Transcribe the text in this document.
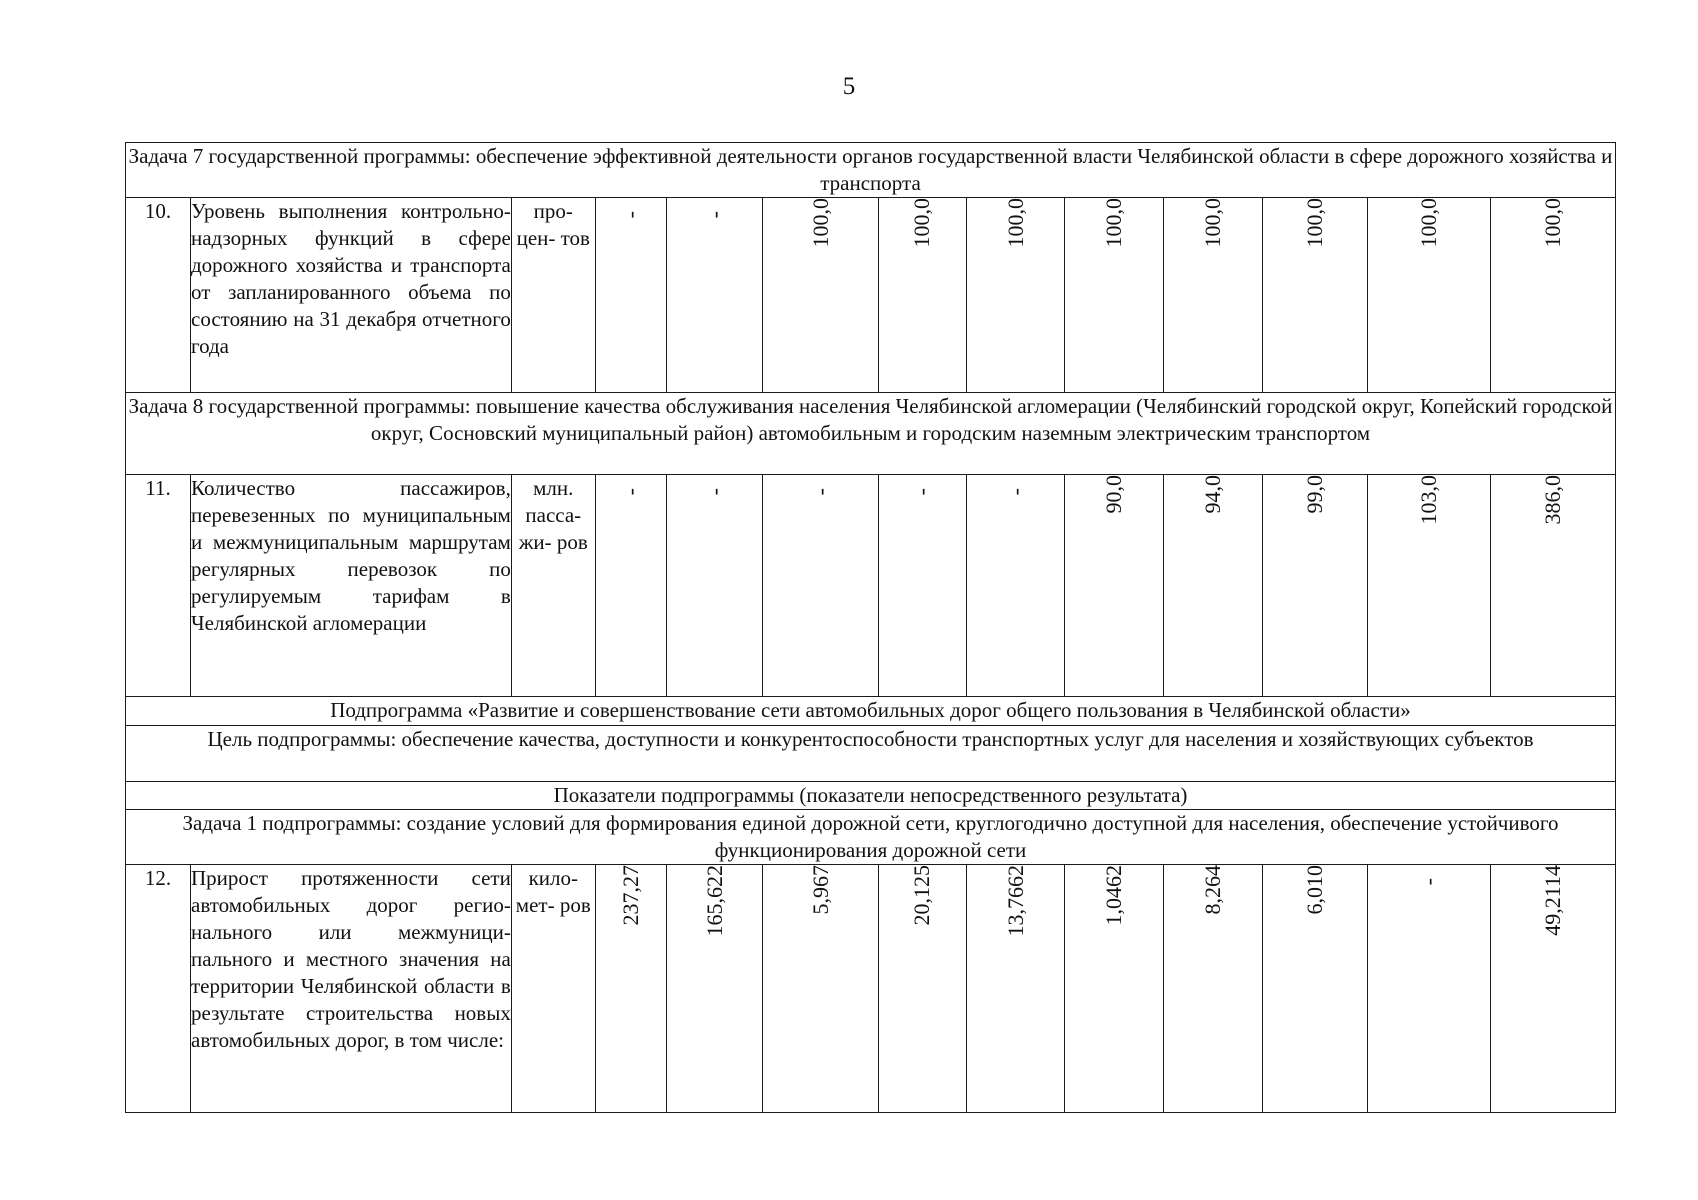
5
Задача 7 государственной программы: обеспечение эффективной деятельности органов государственной власти Челябинской области в сфере дорожного хозяйства и транспорта												
10.	Уровень выполнения контрольно-надзорных функций в сфере дорожного хозяйства и транспорта от запланированного объема по состоянию на 31 декабря отчетного года	про- цен- тов	-	-	100,0	100,0	100,0	100,0	100,0	100,0	100,0	100,0
Задача 8 государственной программы: повышение качества обслуживания населения Челябинской агломерации (Челябинский городской округ, Копейский городской округ, Сосновский муниципальный район) автомобильным и городским наземным электрическим транспортом												
11.	Количество пассажиров, перевезенных по муниципальным и межмуниципальным маршрутам регулярных перевозок по регулируемым тарифам в Челябинской агломерации	млн. пасса- жи- ров	-	-	-	-	-	90,0	94,0	99,0	103,0	386,0
Подпрограмма «Развитие и совершенствование сети автомобильных дорог общего пользования в Челябинской области»												
Цель подпрограммы: обеспечение качества, доступности и конкурентоспособности транспортных услуг для населения и хозяйствующих субъектов												
Показатели подпрограммы (показатели непосредственного результата)												
Задача 1 подпрограммы: создание условий для формирования единой дорожной сети, круглогодично доступной для населения, обеспечение устойчивого функционирования дорожной сети												
12.	Прирост протяженности сети автомобильных дорог регио- нального или межмуници- пального и местного значения на территории Челябинской области в результате строительства новых автомобильных дорог, в том числе:	кило- мет- ров	237,27	165,622	5,967	20,125	13,7662	1,0462	8,264	6,010	-	49,2114
